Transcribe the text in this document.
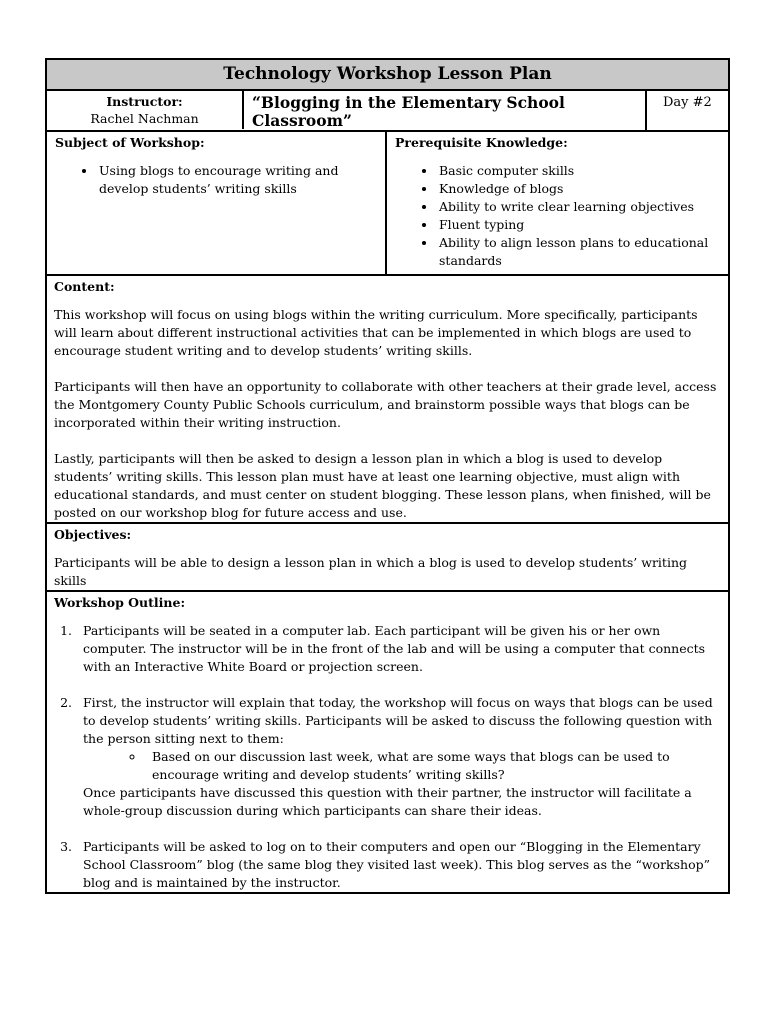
Technology Workshop Lesson Plan
Instructor:
Rachel Nachman
“Blogging in the Elementary School Classroom”
Day #2
Subject of Workshop:
• Using blogs to encourage writing and develop students’ writing skills
Prerequisite Knowledge:
• Basic computer skills
• Knowledge of blogs
• Ability to write clear learning objectives
• Fluent typing
• Ability to align lesson plans to educational standards
Content:

This workshop will focus on using blogs within the writing curriculum. More specifically, participants will learn about different instructional activities that can be implemented in which blogs are used to encourage student writing and to develop students’ writing skills.

Participants will then have an opportunity to collaborate with other teachers at their grade level, access the Montgomery County Public Schools curriculum, and brainstorm possible ways that blogs can be incorporated within their writing instruction.

Lastly, participants will then be asked to design a lesson plan in which a blog is used to develop students’ writing skills. This lesson plan must have at least one learning objective, must align with educational standards, and must center on student blogging. These lesson plans, when finished, will be posted on our workshop blog for future access and use.

Objectives:

Participants will be able to design a lesson plan in which a blog is used to develop students’ writing skills

Workshop Outline:
1. Participants will be seated in a computer lab. Each participant will be given his or her own computer. The instructor will be in the front of the lab and will be using a computer that connects with an Interactive White Board or projection screen.
2. First, the instructor will explain that today, the workshop will focus on ways that blogs can be used to develop students’ writing skills. Participants will be asked to discuss the following question with the person sitting next to them:
◦ Based on our discussion last week, what are some ways that blogs can be used to encourage writing and develop students’ writing skills?
Once participants have discussed this question with their partner, the instructor will facilitate a whole-group discussion during which participants can share their ideas.
3. Participants will be asked to log on to their computers and open our “Blogging in the Elementary School Classroom” blog (the same blog they visited last week). This blog serves as the “workshop” blog and is maintained by the instructor.
